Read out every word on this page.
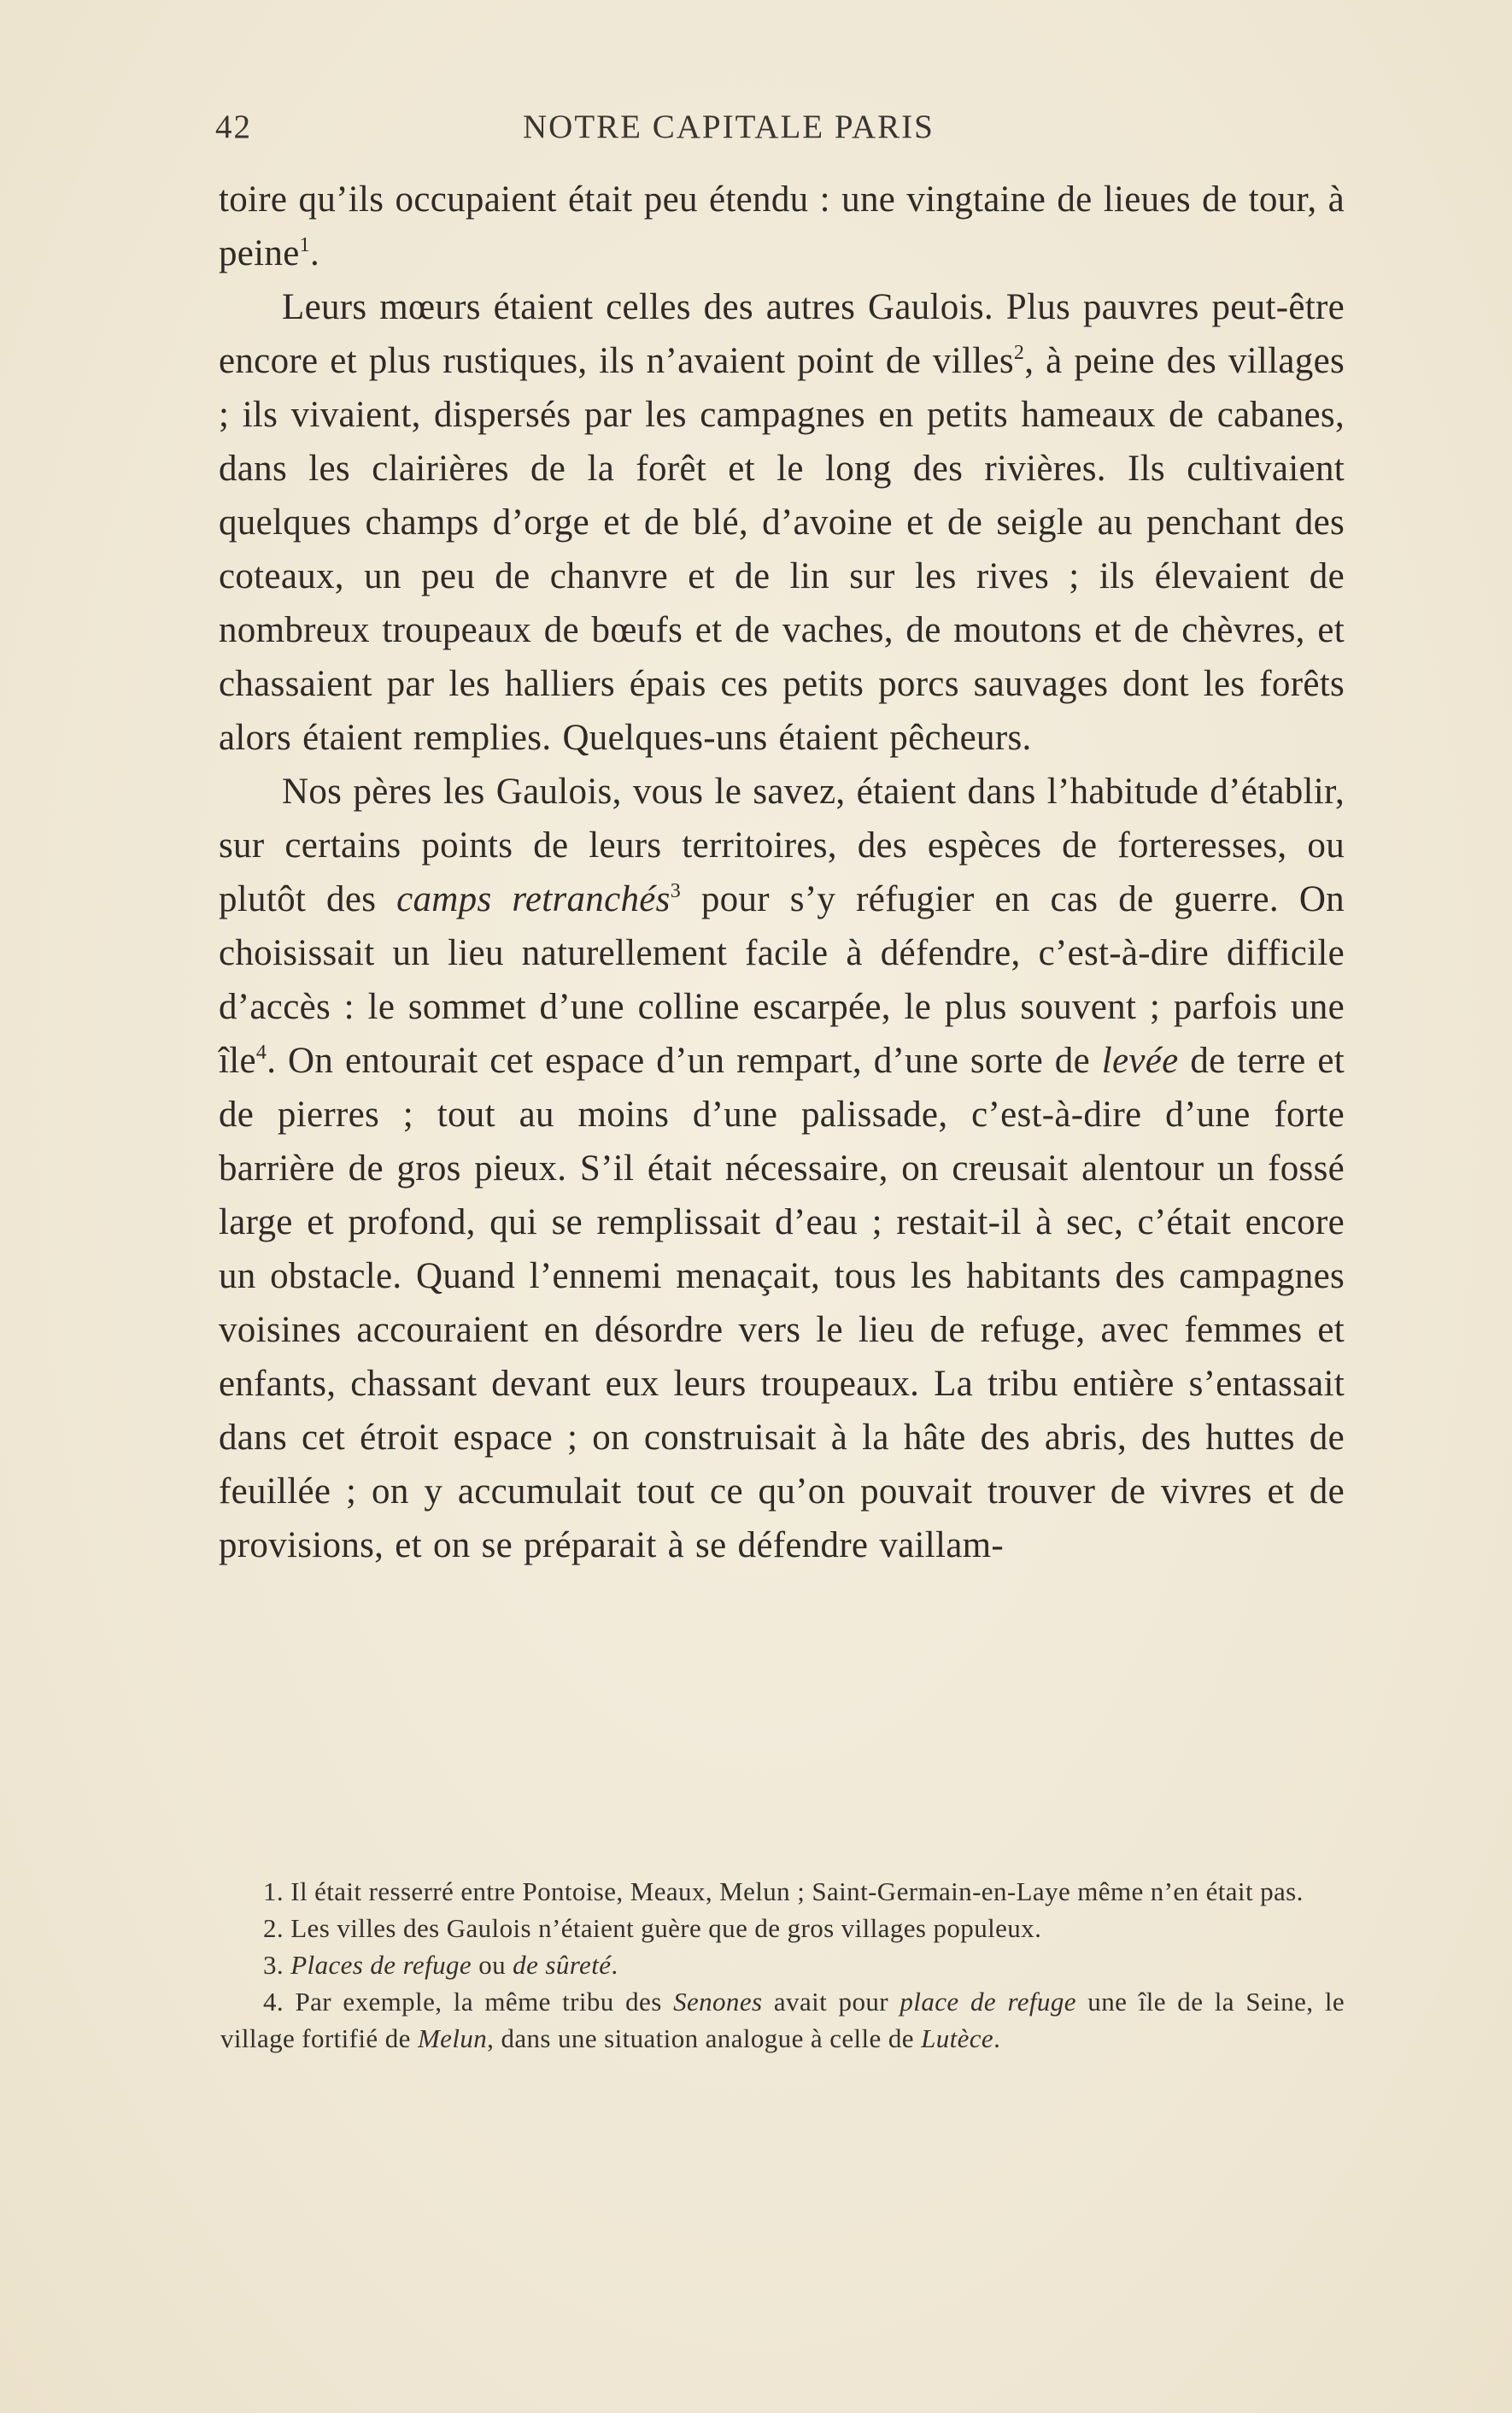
42	NOTRE CAPITALE PARIS

toire qu’ils occupaient était peu étendu : une vingtaine de lieues de tour, à peine$^1$.

Leurs mœurs étaient celles des autres Gaulois. Plus pauvres peut-être encore et plus rustiques, ils n’avaient point de villes$^2$, à peine des villages ; ils vivaient, dispersés par les campagnes en petits hameaux de cabanes, dans les clairières de la forêt et le long des rivières. Ils cultivaient quelques champs d’orge et de blé, d’avoine et de seigle au penchant des coteaux, un peu de chanvre et de lin sur les rives ; ils élevaient de nombreux troupeaux de bœufs et de vaches, de moutons et de chèvres, et chassaient par les halliers épais ces petits porcs sauvages dont les forêts alors étaient remplies. Quelques-uns étaient pêcheurs.

Nos pères les Gaulois, vous le savez, étaient dans l’habitude d’établir, sur certains points de leurs territoires, des espèces de forteresses, ou plutôt des camps retranchés$^3$ pour s’y réfugier en cas de guerre. On choisissait un lieu naturellement facile à défendre, c’est-à-dire difficile d’accès : le sommet d’une colline escarpée, le plus souvent ; parfois une île$^4$. On entourait cet espace d’un rempart, d’une sorte de levée de terre et de pierres ; tout au moins d’une palissade, c’est-à-dire d’une forte barrière de gros pieux. S’il était nécessaire, on creusait alentour un fossé large et profond, qui se remplissait d’eau ; restait-il à sec, c’était encore un obstacle. Quand l’ennemi menaçait, tous les habitants des campagnes voisines accouraient en désordre vers le lieu de refuge, avec femmes et enfants, chassant devant eux leurs troupeaux. La tribu entière s’entassait dans cet étroit espace ; on construisait à la hâte des abris, des huttes de feuillée ; on y accumulait tout ce qu’on pouvait trouver de vivres et de provisions, et on se préparait à se défendre vaillam-

1. Il était resserré entre Pontoise, Meaux, Melun ; Saint-Germain-en-Laye même n’en était pas.

2. Les villes des Gaulois n’étaient guère que de gros villages populeux.

3. Places de refuge ou de sûreté.

4. Par exemple, la même tribu des Senones avait pour place de refuge une île de la Seine, le village fortifié de Melun, dans une situation analogue à celle de Lutèce.
